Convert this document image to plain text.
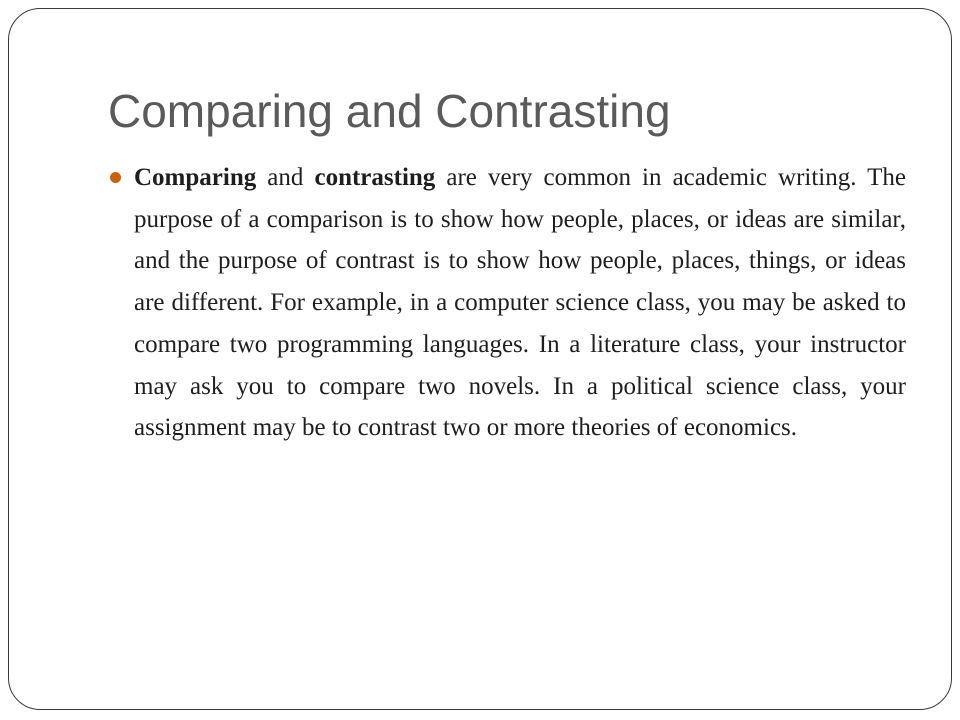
Comparing and Contrasting
Comparing and contrasting are very common in academic writing. The purpose of a comparison is to show how people, places, or ideas are similar, and the purpose of contrast is to show how people, places, things, or ideas are different. For example, in a computer science class, you may be asked to compare two programming languages. In a literature class, your instructor may ask you to compare two novels. In a political science class, your assignment may be to contrast two or more theories of economics.
